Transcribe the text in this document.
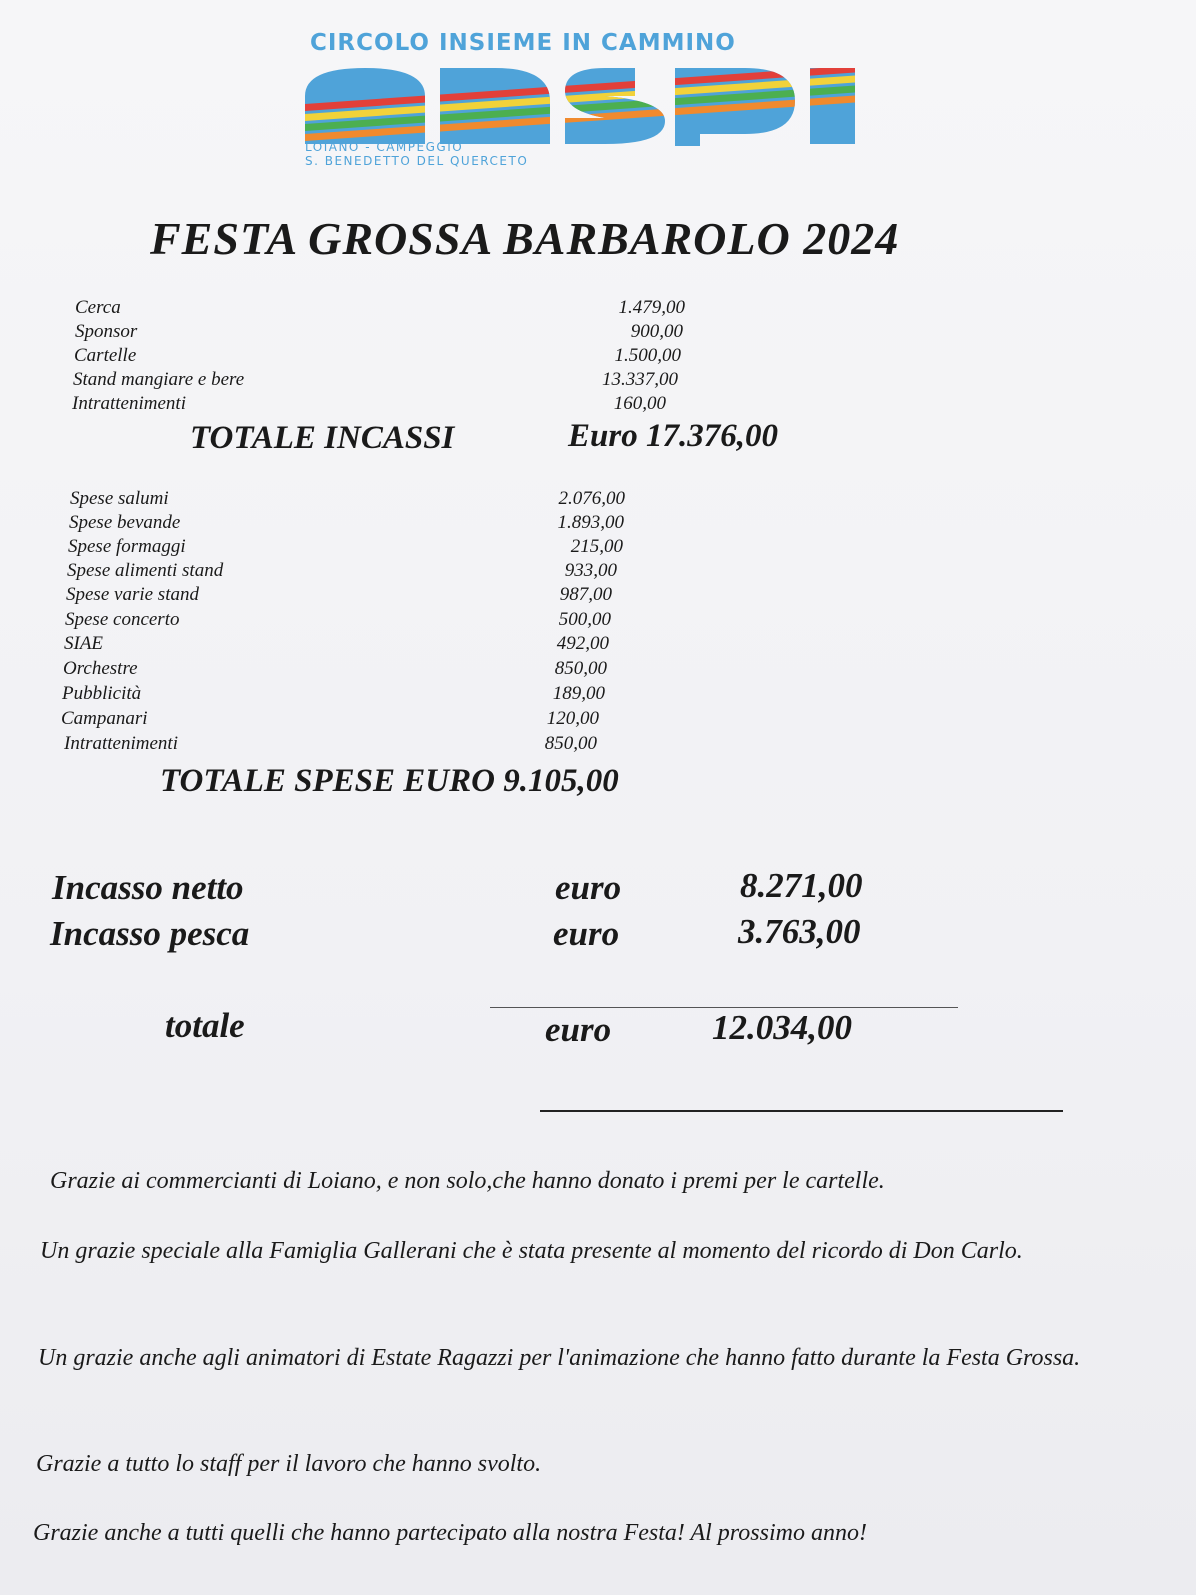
CIRCOLO INSIEME IN CAMMINO
LOIANO - CAMPEGGIO
S. BENEDETTO DEL QUERCETO
FESTA GROSSA BARBAROLO 2024
Cerca	1.479,00
Sponsor	900,00
Cartelle	1.500,00
Stand mangiare e bere	13.337,00
Intrattenimenti	160,00
TOTALE INCASSI	Euro 17.376,00
Spese salumi	2.076,00
Spese bevande	1.893,00
Spese formaggi	215,00
Spese alimenti stand	933,00
Spese varie stand	987,00
Spese concerto	500,00
SIAE	492,00
Orchestre	850,00
Pubblicità	189,00
Campanari	120,00
Intrattenimenti	850,00
TOTALE SPESE EURO 9.105,00
Incasso netto	euro	8.271,00
Incasso pesca	euro	3.763,00
totale	euro	12.034,00
Grazie ai commercianti di Loiano, e non solo,che hanno donato i premi per le cartelle.
Un grazie speciale alla Famiglia Gallerani che è stata presente al momento del ricordo di Don Carlo.
Un grazie anche agli animatori di Estate Ragazzi per l'animazione che hanno fatto durante la Festa Grossa.
Grazie a tutto lo staff per il lavoro che hanno svolto.
Grazie anche a tutti quelli che hanno partecipato alla nostra Festa! Al prossimo anno!
